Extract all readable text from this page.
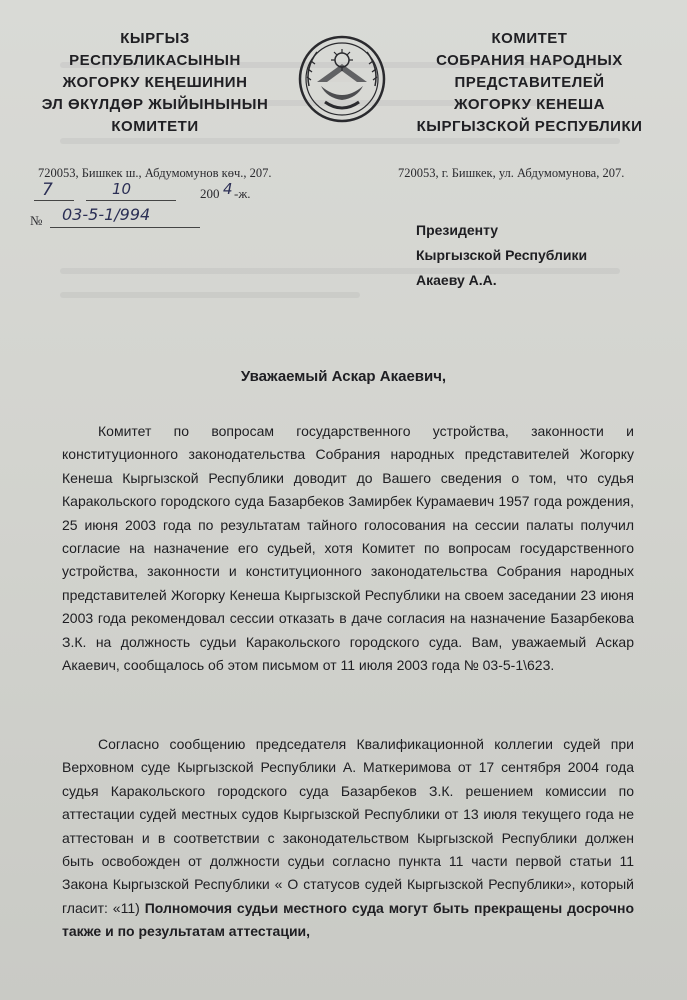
КЫРГЫЗ
РЕСПУБЛИКАСЫНЫН
ЖОГОРКУ КЕҢЕШИНИН
ЭЛ ӨКҮЛДӨР ЖЫЙЫНЫНЫН
КОМИТЕТИ
КОМИТЕТ
СОБРАНИЯ НАРОДНЫХ
ПРЕДСТАВИТЕЛЕЙ
ЖОГОРКУ КЕНЕША
КЫРГЫЗСКОЙ РЕСПУБЛИКИ
720053, Бишкек ш., Абдумомунов көч., 207.	720053, г. Бишкек, ул. Абдумомунова, 207.
7	10	200 4 -ж.
№ 03-5-1/994
Президенту
Кыргызской Республики
Акаеву А.А.
Уважаемый Аскар Акаевич,
Комитет по вопросам государственного устройства, законности и конституционного законодательства Собрания народных представителей Жогорку Кенеша Кыргызской Республики доводит до Вашего сведения о том, что судья Каракольского городского суда Базарбеков Замирбек Курамаевич 1957 года рождения, 25 июня 2003 года по результатам тайного голосования на сессии палаты получил согласие на назначение его судьей, хотя Комитет по вопросам государственного устройства, законности и конституционного законодательства Собрания народных представителей Жогорку Кенеша Кыргызской Республики на своем заседании 23 июня 2003 года рекомендовал сессии отказать в даче согласия на назначение Базарбекова З.К. на должность судьи Каракольского городского суда. Вам, уважаемый Аскар Акаевич, сообщалось об этом письмом от 11 июля 2003 года № 03-5-1\623.
Согласно сообщению председателя Квалификационной коллегии судей при Верховном суде Кыргызской Республики А. Маткеримова от 17 сентября 2004 года судья Каракольского городского суда Базарбеков З.К. решением комиссии по аттестации судей местных судов Кыргызской Республики от 13 июля текущего года не аттестован и в соответствии с законодательством Кыргызской Республики должен быть освобожден от должности судьи согласно пункта 11 части первой статьи 11 Закона Кыргызской Республики « О статусов судей Кыргызской Республики», который гласит: «11) Полномочия судьи местного суда могут быть прекращены досрочно также и по результатам аттестации,
